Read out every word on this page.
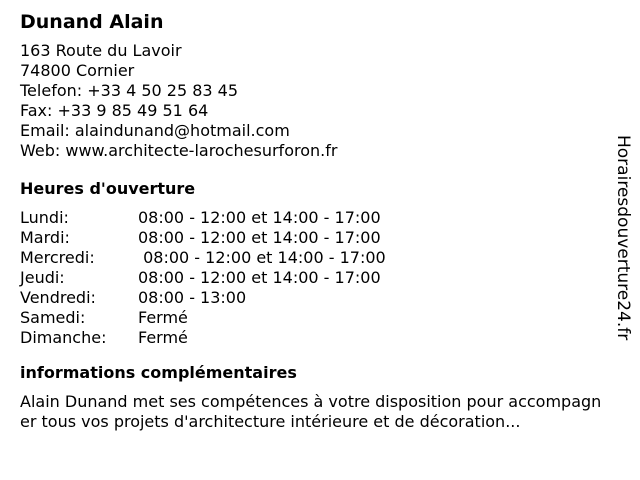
Dunand Alain
163 Route du Lavoir
74800 Cornier
Telefon: +33 4 50 25 83 45
Fax: +33 9 85 49 51 64
Email: alaindunand@hotmail.com
Web: www.architecte-larochesurforon.fr
Heures d'ouverture
Lundi:	08:00 - 12:00 et 14:00 - 17:00
Mardi:	08:00 - 12:00 et 14:00 - 17:00
Mercredi:	08:00 - 12:00 et 14:00 - 17:00
Jeudi:	08:00 - 12:00 et 14:00 - 17:00
Vendredi:	08:00 - 13:00
Samedi:	Fermé
Dimanche:	Fermé
informations complémentaires
Alain Dunand met ses compétences à votre disposition pour accompagner tous vos projets d'architecture intérieure et de décoration...
Horairesdouverture24.fr
